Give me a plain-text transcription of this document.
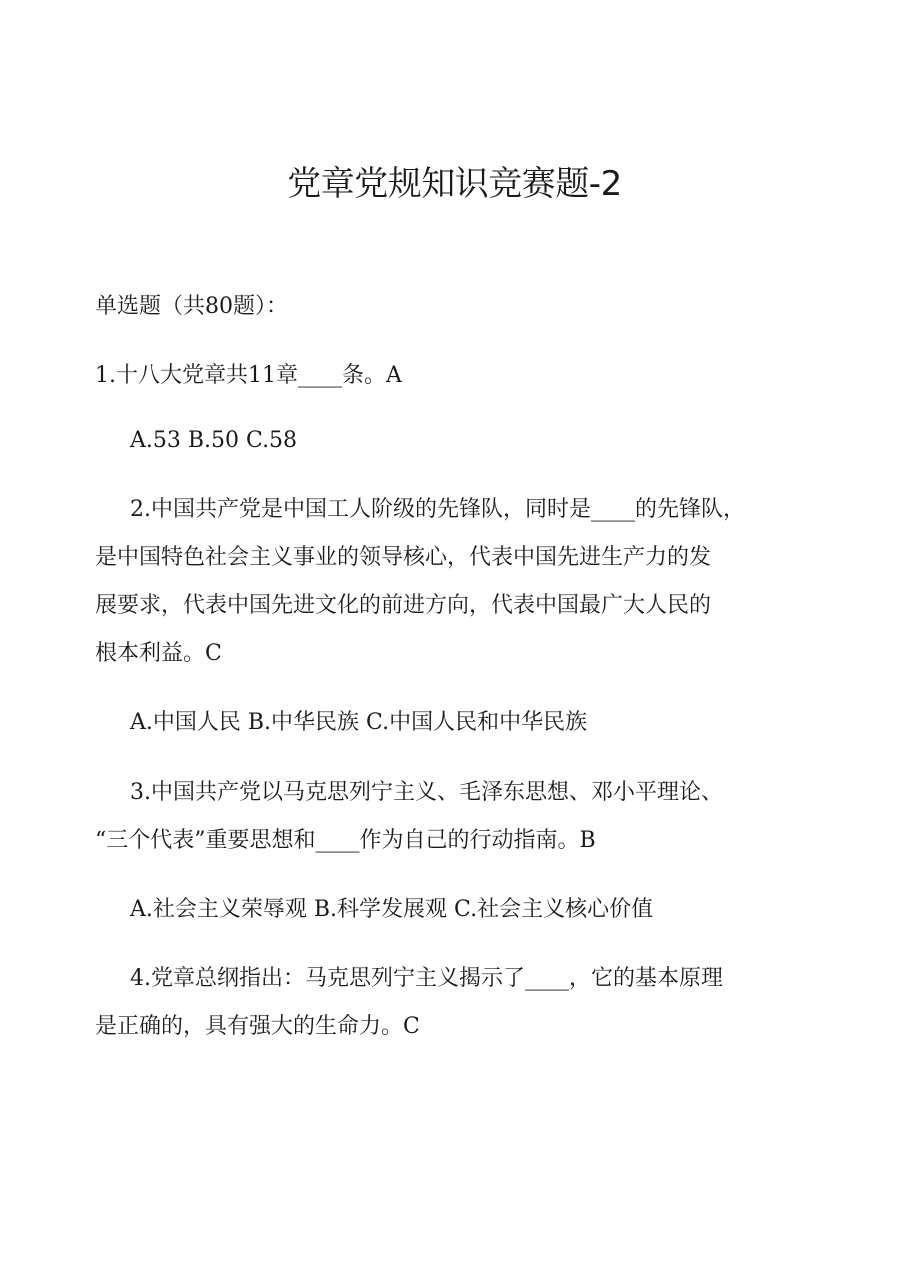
党章党规知识竞赛题-2
单选题（共80题）：
1.十八大党章共11章____条。A
A.53 B.50 C.58
2.中国共产党是中国工人阶级的先锋队，同时是____的先锋队，
是中国特色社会主义事业的领导核心，代表中国先进生产力的发
展要求，代表中国先进文化的前进方向，代表中国最广大人民的
根本利益。C
A.中国人民 B.中华民族 C.中国人民和中华民族
3.中国共产党以马克思列宁主义、毛泽东思想、邓小平理论、
“三个代表”重要思想和____作为自己的行动指南。B
A.社会主义荣辱观 B.科学发展观 C.社会主义核心价值
4.党章总纲指出：马克思列宁主义揭示了____，它的基本原理
是正确的，具有强大的生命力。C
